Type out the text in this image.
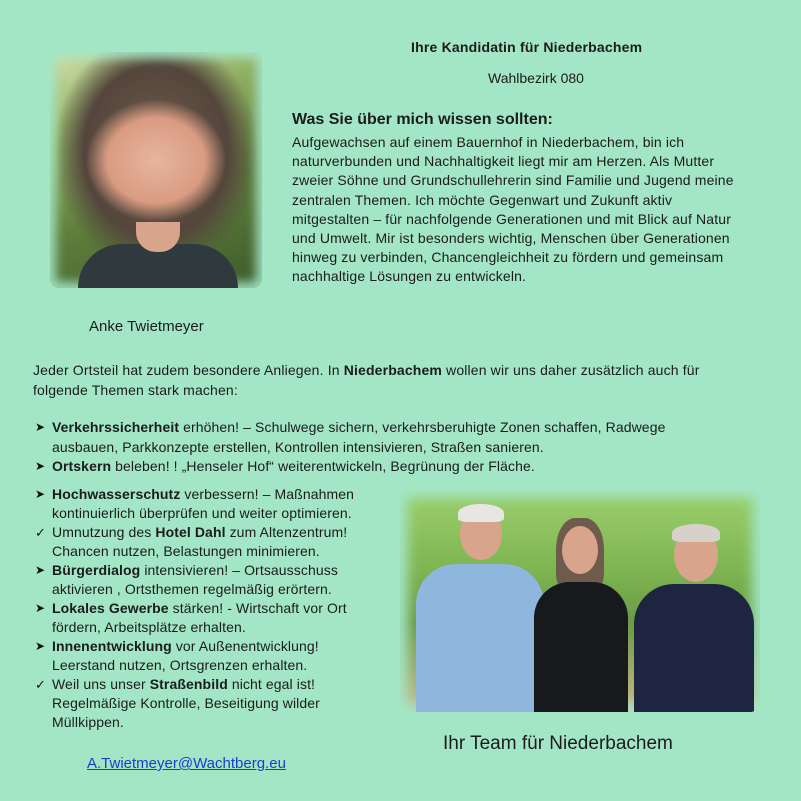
Ihre Kandidatin für Niederbachem
Wahlbezirk 080
Anke Twietmeyer
Was Sie über mich wissen sollten:
Aufgewachsen auf einem Bauernhof in Niederbachem, bin ich
naturverbunden und Nachhaltigkeit liegt mir am Herzen. Als Mutter
zweier Söhne und Grundschullehrerin sind Familie und Jugend meine
zentralen Themen. Ich möchte Gegenwart und Zukunft aktiv
mitgestalten – für nachfolgende Generationen und mit Blick auf Natur
und Umwelt. Mir ist besonders wichtig, Menschen über Generationen
hinweg zu verbinden, Chancengleichheit zu fördern und gemeinsam
nachhaltige Lösungen zu entwickeln.
Jeder Ortsteil hat zudem besondere Anliegen. In Niederbachem wollen wir uns daher zusätzlich auch für
folgende Themen stark machen:
➤ Verkehrssicherheit erhöhen! – Schulwege sichern, verkehrsberuhigte Zonen schaffen, Radwege
ausbauen, Parkkonzepte erstellen, Kontrollen intensivieren, Straßen sanieren.
➤ Ortskern beleben! ! „Henseler Hof“ weiterentwickeln, Begrünung der Fläche.
➤ Hochwasserschutz verbessern! – Maßnahmen
kontinuierlich überprüfen und weiter optimieren.
✓ Umnutzung des Hotel Dahl zum Altenzentrum!
Chancen nutzen, Belastungen minimieren.
➤ Bürgerdialog intensivieren! – Ortsausschuss
aktivieren , Ortsthemen regelmäßig erörtern.
➤ Lokales Gewerbe stärken! - Wirtschaft vor Ort
fördern, Arbeitsplätze erhalten.
➤ Innenentwicklung vor Außenentwicklung!
Leerstand nutzen, Ortsgrenzen erhalten.
✓ Weil uns unser Straßenbild nicht egal ist!
Regelmäßige Kontrolle, Beseitigung wilder
Müllkippen.
Ihr Team für Niederbachem
A.Twietmeyer@Wachtberg.eu
